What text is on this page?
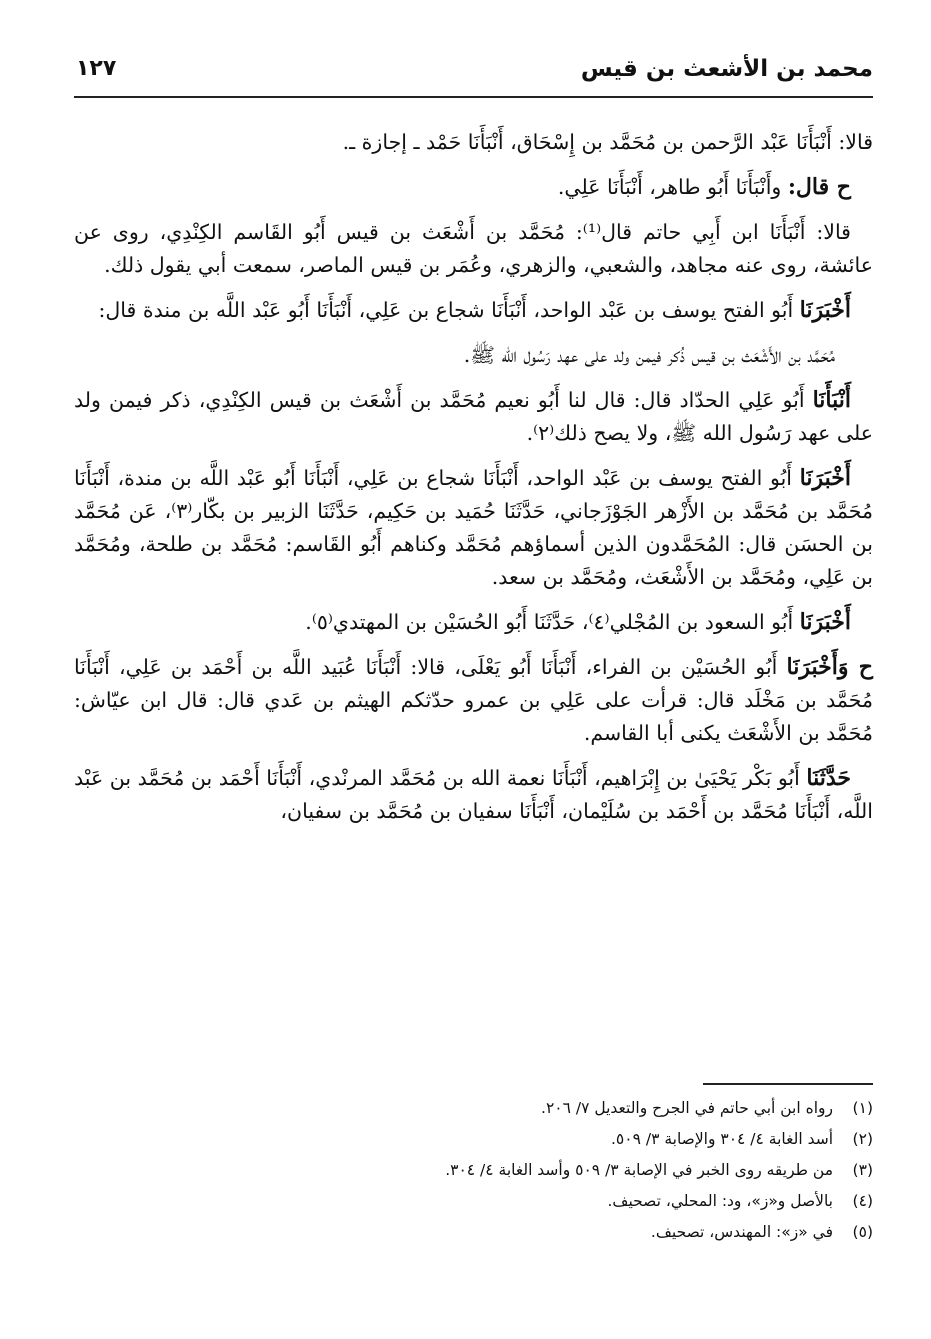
محمد بن الأشعث بن قيس
١٢٧

قالا: أَنْبَأَنَا عَبْد الرَّحمن بن مُحَمَّد بن إِسْحَاق، أَنْبَأَنَا حَمْد ـ إجازة ـ.

ح قال: وأَنْبَأَنَا أَبُو طاهر، أَنْبَأَنَا عَلِي.

قالا: أَنْبَأَنَا ابن أَبِي حاتم قال⁽¹⁾: مُحَمَّد بن أَشْعَث بن قيس أَبُو القَاسم الكِنْدِي، روى عن عائشة، روى عنه مجاهد، والشعبي، والزهري، وعُمَر بن قيس الماصر، سمعت أبي يقول ذلك.

أَخْبَرَنَا أَبُو الفتح يوسف بن عَبْد الواحد، أَنْبَأَنَا شجاع بن عَلِي، أَنْبَأَنَا أَبُو عَبْد اللَّه بن مندة قال:

مُحَمَّد بن الأَشْعَث بن قيس ذُكر فيمن ولد على عهد رَسُول الله ﷺ.

أَنْبَأَنَا أَبُو عَلِي الحدّاد قال: قال لنا أَبُو نعيم مُحَمَّد بن أَشْعَث بن قيس الكِنْدِي، ذكر فيمن ولد على عهد رَسُول الله ﷺ، ولا يصح ذلك⁽٢⁾.

أَخْبَرَنَا أَبُو الفتح يوسف بن عَبْد الواحد، أَنْبَأَنَا شجاع بن عَلِي، أَنْبَأَنَا أَبُو عَبْد اللَّه بن مندة، أَنْبَأَنَا مُحَمَّد بن مُحَمَّد بن الأَزْهر الجَوْزَجاني، حَدَّثَنَا حُمَيد بن حَكِيم، حَدَّثَنَا الزبير بن بكّار⁽٣⁾، عَن مُحَمَّد بن الحسَن قال: المُحَمَّدون الذين أسماؤهم مُحَمَّد وكناهم أَبُو القَاسم: مُحَمَّد بن طلحة، ومُحَمَّد بن عَلِي، ومُحَمَّد بن الأَشْعَث، ومُحَمَّد بن سعد.

أَخْبَرَنَا أَبُو السعود بن المُجْلي⁽٤⁾، حَدَّثَنَا أَبُو الحُسَيْن بن المهتدي⁽٥⁾.

ح وَأَخْبَرَنَا أَبُو الحُسَيْن بن الفراء، أَنْبَأَنَا أَبُو يَعْلَى، قالا: أَنْبَأَنَا عُبَيد اللَّه بن أَحْمَد بن عَلِي، أَنْبَأَنَا مُحَمَّد بن مَخْلَد قال: قرأت على عَلِي بن عمرو حدّثكم الهيثم بن عَدي قال: قال ابن عيّاش: مُحَمَّد بن الأَشْعَث يكنى أبا القاسم.

حَدَّثَنَا أَبُو بَكْر يَحْيَىٰ بن إِبْرَاهيم، أَنْبَأَنَا نعمة الله بن مُحَمَّد المرنْدي، أَنْبَأَنَا أَحْمَد بن مُحَمَّد بن عَبْد اللَّه، أَنْبَأَنَا مُحَمَّد بن أَحْمَد بن سُلَيْمان، أَنْبَأَنَا سفيان بن مُحَمَّد بن سفيان،

(١)رواه ابن أبي حاتم في الجرح والتعديل ٧/ ٢٠٦.

(٢)أسد الغابة ٤/ ٣٠٤ والإصابة ٣/ ٥٠٩.

(٣)من طريقه روى الخبر في الإصابة ٣/ ٥٠٩ وأسد الغابة ٤/ ٣٠٤.

(٤)بالأصل و«ز»، ود: المحلي، تصحيف.

(٥)في «ز»: المهندس، تصحيف.
